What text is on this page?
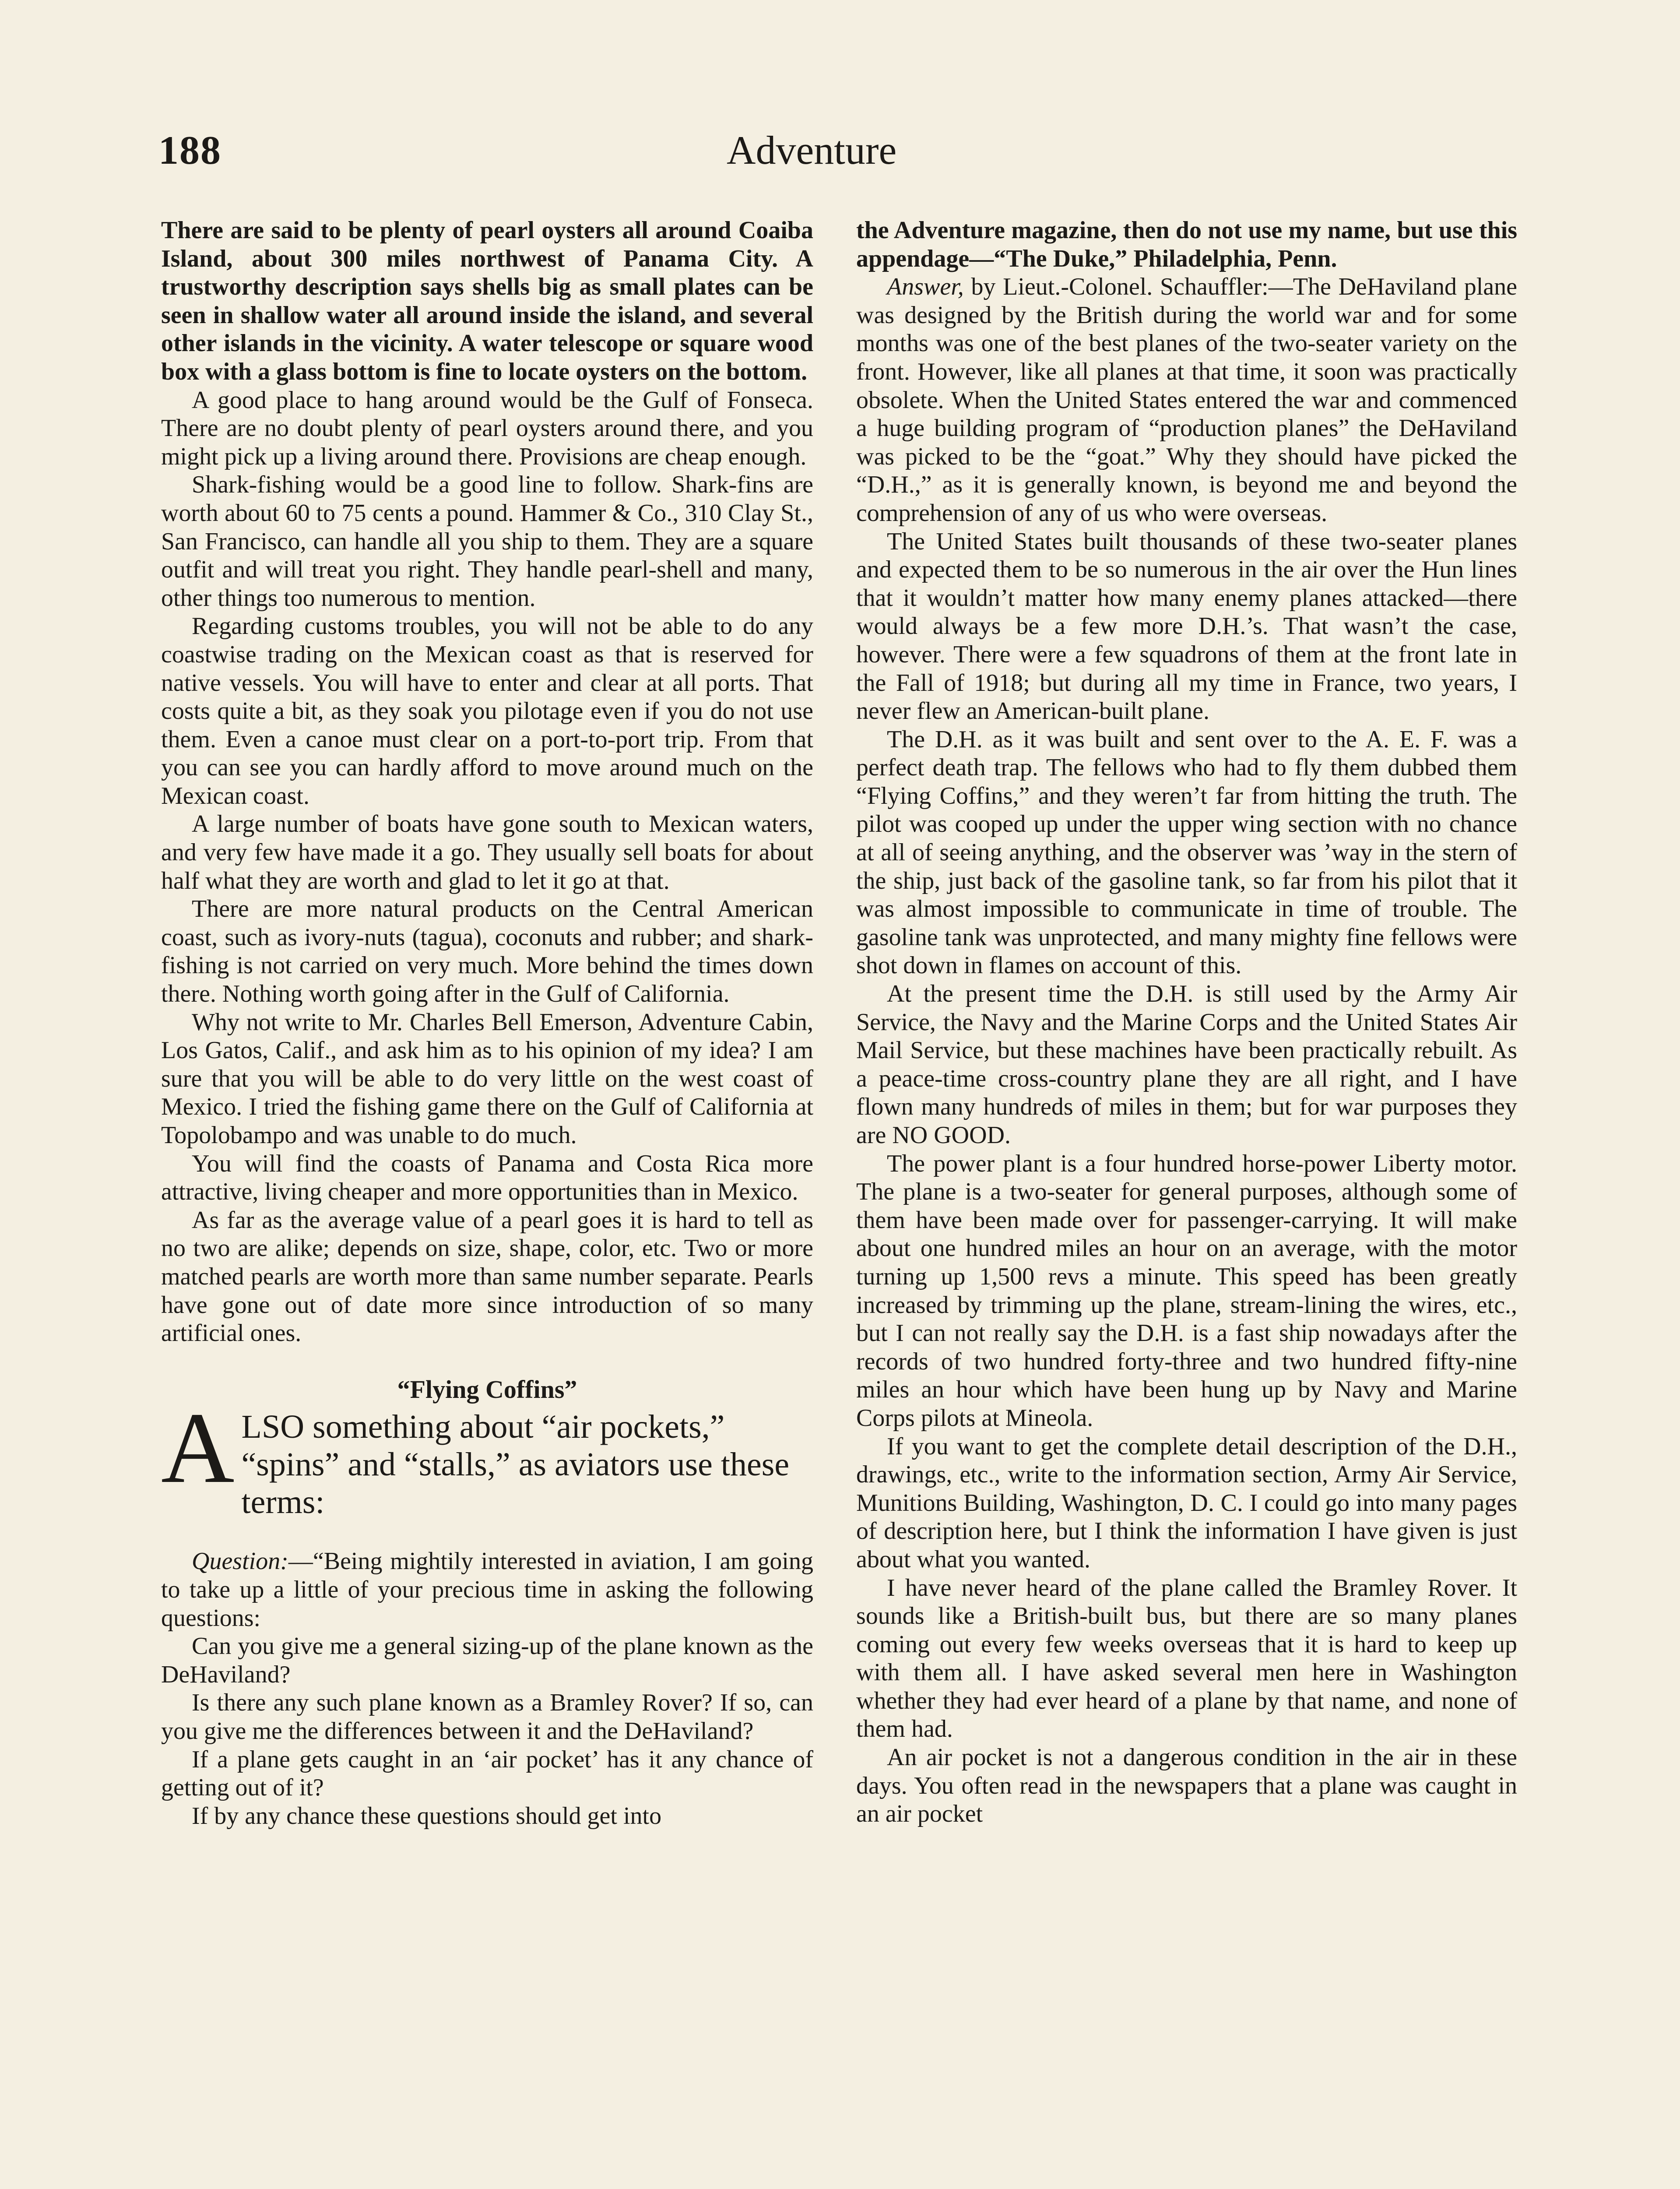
188	Adventure

There are said to be plenty of pearl oysters all around Coaiba Island, about 300 miles northwest of Panama City. A trustworthy description says shells big as small plates can be seen in shallow water all around inside the island, and several other islands in the vicinity. A water telescope or square wood box with a glass bottom is fine to locate oysters on the bottom.

A good place to hang around would be the Gulf of Fonseca. There are no doubt plenty of pearl oysters around there, and you might pick up a living around there. Provisions are cheap enough.

Shark-fishing would be a good line to follow. Shark-fins are worth about 60 to 75 cents a pound. Hammer & Co., 310 Clay St., San Francisco, can handle all you ship to them. They are a square outfit and will treat you right. They handle pearl-shell and many, other things too numerous to mention.

Regarding customs troubles, you will not be able to do any coastwise trading on the Mexican coast as that is reserved for native vessels. You will have to enter and clear at all ports. That costs quite a bit, as they soak you pilotage even if you do not use them. Even a canoe must clear on a port-to-port trip. From that you can see you can hardly afford to move around much on the Mexican coast.

A large number of boats have gone south to Mexican waters, and very few have made it a go. They usually sell boats for about half what they are worth and glad to let it go at that.

There are more natural products on the Central American coast, such as ivory-nuts (tagua), coconuts and rubber; and shark-fishing is not carried on very much. More behind the times down there. Nothing worth going after in the Gulf of California.

Why not write to Mr. Charles Bell Emerson, Adventure Cabin, Los Gatos, Calif., and ask him as to his opinion of my idea? I am sure that you will be able to do very little on the west coast of Mexico. I tried the fishing game there on the Gulf of California at Topolobampo and was unable to do much.

You will find the coasts of Panama and Costa Rica more attractive, living cheaper and more opportunities than in Mexico.

As far as the average value of a pearl goes it is hard to tell as no two are alike; depends on size, shape, color, etc. Two or more matched pearls are worth more than same number separate. Pearls have gone out of date more since introduction of so many artificial ones.

“Flying Coffins”
A LSO something about “air pockets,” “spins” and “stalls,” as aviators use these terms:

Question:—“Being mightily interested in aviation, I am going to take up a little of your precious time in asking the following questions:

Can you give me a general sizing-up of the plane known as the DeHaviland?

Is there any such plane known as a Bramley Rover? If so, can you give me the differences between it and the DeHaviland?

If a plane gets caught in an ‘air pocket’ has it any chance of getting out of it?

If by any chance these questions should get into

the Adventure magazine, then do not use my name, but use this appendage—“The Duke,” Philadelphia, Penn.

Answer, by Lieut.-Colonel. Schauffler:—The DeHaviland plane was designed by the British during the world war and for some months was one of the best planes of the two-seater variety on the front. However, like all planes at that time, it soon was practically obsolete. When the United States entered the war and commenced a huge building program of “production planes” the DeHaviland was picked to be the “goat.” Why they should have picked the “D.H.,” as it is generally known, is beyond me and beyond the comprehension of any of us who were overseas.

The United States built thousands of these two-seater planes and expected them to be so numerous in the air over the Hun lines that it wouldn’t matter how many enemy planes attacked—there would always be a few more D.H.’s. That wasn’t the case, however. There were a few squadrons of them at the front late in the Fall of 1918; but during all my time in France, two years, I never flew an American-built plane.

The D.H. as it was built and sent over to the A. E. F. was a perfect death trap. The fellows who had to fly them dubbed them “Flying Coffins,” and they weren’t far from hitting the truth. The pilot was cooped up under the upper wing section with no chance at all of seeing anything, and the observer was ’way in the stern of the ship, just back of the gasoline tank, so far from his pilot that it was almost impossible to communicate in time of trouble. The gasoline tank was unprotected, and many mighty fine fellows were shot down in flames on account of this.

At the present time the D.H. is still used by the Army Air Service, the Navy and the Marine Corps and the United States Air Mail Service, but these machines have been practically rebuilt. As a peace-time cross-country plane they are all right, and I have flown many hundreds of miles in them; but for war purposes they are NO GOOD.

The power plant is a four hundred horse-power Liberty motor. The plane is a two-seater for general purposes, although some of them have been made over for passenger-carrying. It will make about one hundred miles an hour on an average, with the motor turning up 1,500 revs a minute. This speed has been greatly increased by trimming up the plane, stream-lining the wires, etc., but I can not really say the D.H. is a fast ship nowadays after the records of two hundred forty-three and two hundred fifty-nine miles an hour which have been hung up by Navy and Marine Corps pilots at Mineola.

If you want to get the complete detail description of the D.H., drawings, etc., write to the information section, Army Air Service, Munitions Building, Washington, D. C. I could go into many pages of description here, but I think the information I have given is just about what you wanted.

I have never heard of the plane called the Bramley Rover. It sounds like a British-built bus, but there are so many planes coming out every few weeks overseas that it is hard to keep up with them all. I have asked several men here in Washington whether they had ever heard of a plane by that name, and none of them had.

An air pocket is not a dangerous condition in the air in these days. You often read in the newspapers that a plane was caught in an air pocket
